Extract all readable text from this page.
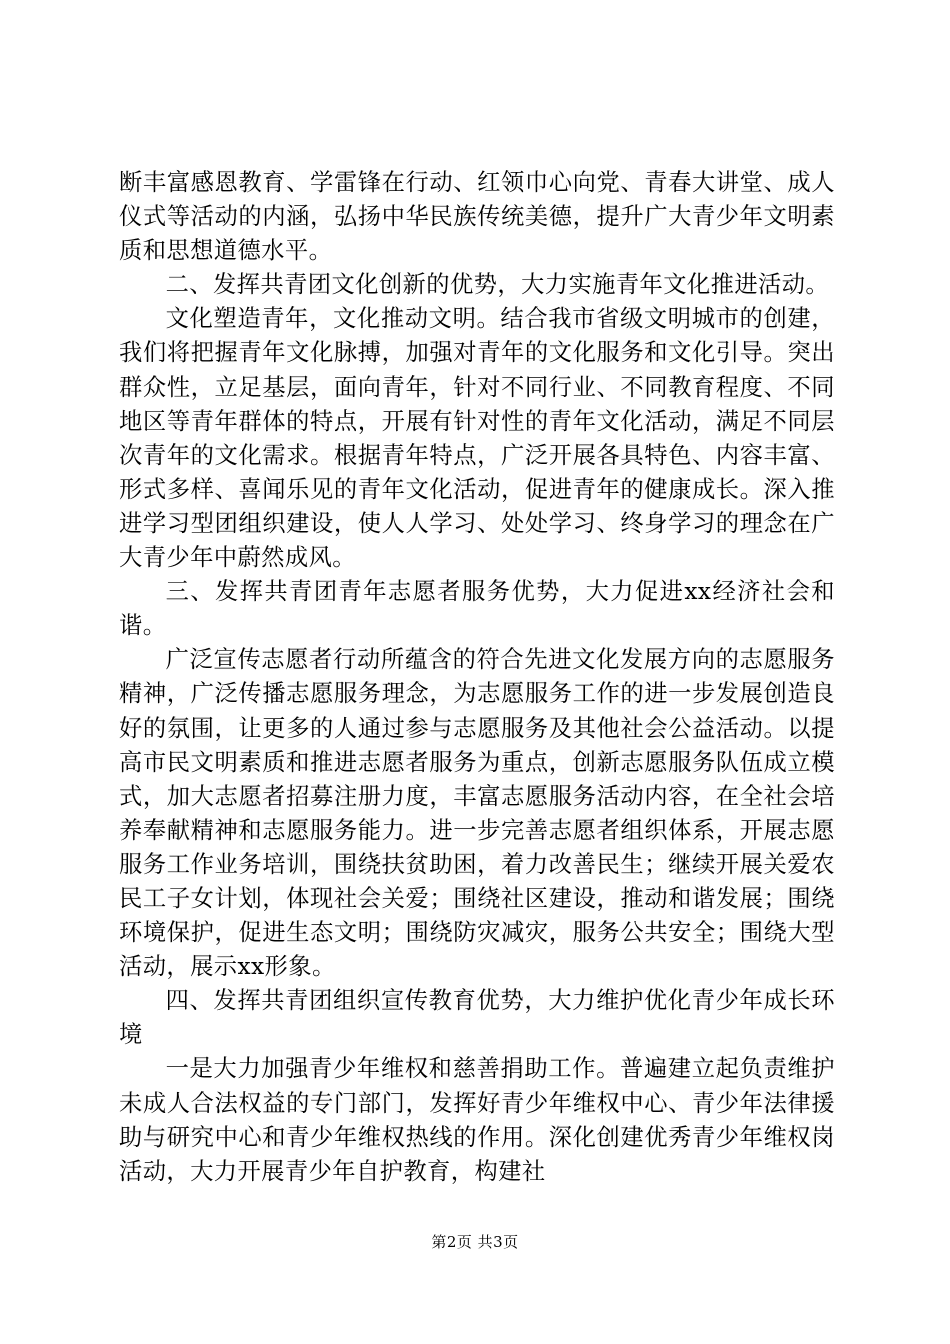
断丰富感恩教育、学雷锋在行动、红领巾心向党、青春大讲堂、成人仪式等活动的内涵，弘扬中华民族传统美德，提升广大青少年文明素质和思想道德水平。

二、发挥共青团文化创新的优势，大力实施青年文化推进活动。

文化塑造青年，文化推动文明。结合我市省级文明城市的创建，我们将把握青年文化脉搏，加强对青年的文化服务和文化引导。突出群众性，立足基层，面向青年，针对不同行业、不同教育程度、不同地区等青年群体的特点，开展有针对性的青年文化活动，满足不同层次青年的文化需求。根据青年特点，广泛开展各具特色、内容丰富、形式多样、喜闻乐见的青年文化活动，促进青年的健康成长。深入推进学习型团组织建设，使人人学习、处处学习、终身学习的理念在广大青少年中蔚然成风。

三、发挥共青团青年志愿者服务优势，大力促进xx经济社会和谐。

广泛宣传志愿者行动所蕴含的符合先进文化发展方向的志愿服务精神，广泛传播志愿服务理念，为志愿服务工作的进一步发展创造良好的氛围，让更多的人通过参与志愿服务及其他社会公益活动。以提高市民文明素质和推进志愿者服务为重点，创新志愿服务队伍成立模式，加大志愿者招募注册力度，丰富志愿服务活动内容，在全社会培养奉献精神和志愿服务能力。进一步完善志愿者组织体系，开展志愿服务工作业务培训，围绕扶贫助困，着力改善民生；继续开展关爱农民工子女计划，体现社会关爱；围绕社区建设，推动和谐发展；围绕环境保护，促进生态文明；围绕防灾减灾，服务公共安全；围绕大型活动，展示xx形象。

四、发挥共青团组织宣传教育优势，大力维护优化青少年成长环境

一是大力加强青少年维权和慈善捐助工作。普遍建立起负责维护未成人合法权益的专门部门，发挥好青少年维权中心、青少年法律援助与研究中心和青少年维权热线的作用。深化创建优秀青少年维权岗活动，大力开展青少年自护教育，构建社

第2页 共3页
